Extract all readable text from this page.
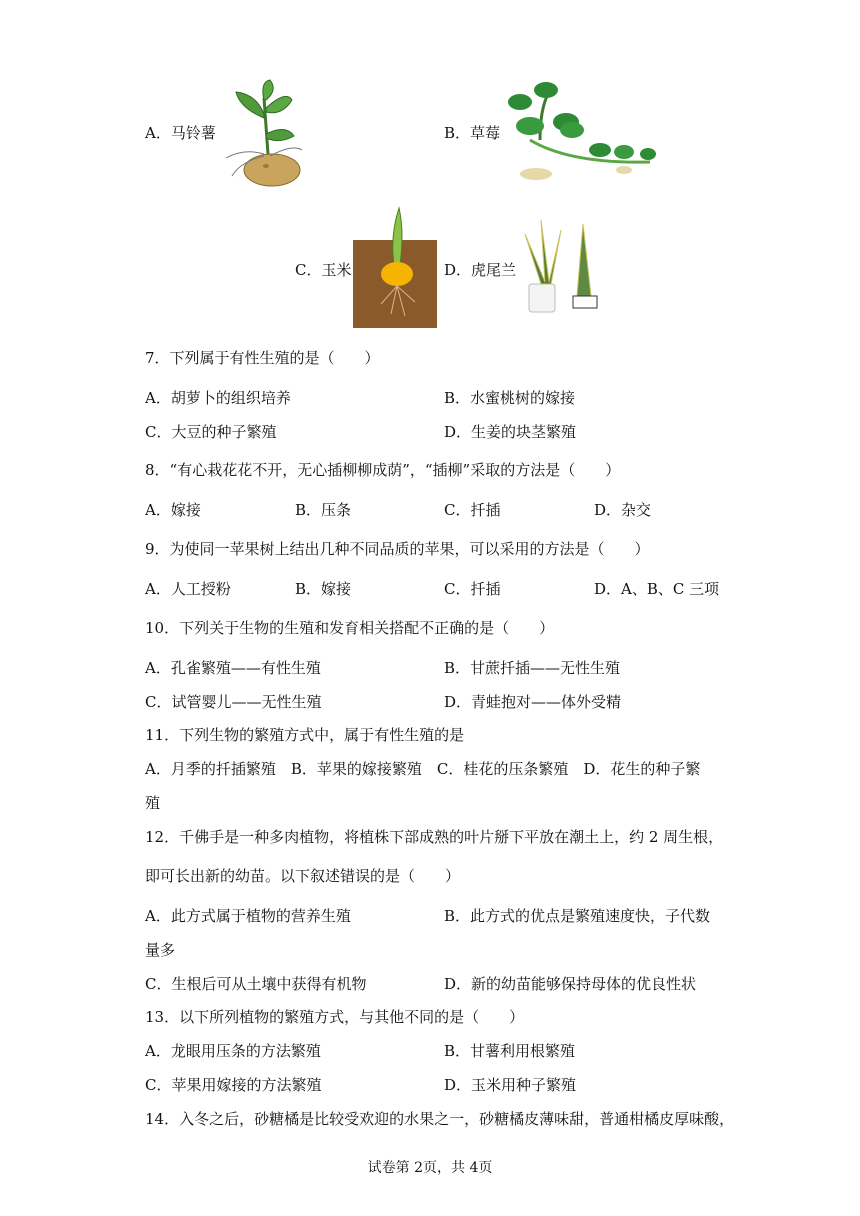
A．马铃薯	B．草莓
C．玉米	D．虎尾兰
7．下列属于有性生殖的是（　　）
A．胡萝卜的组织培养	B．水蜜桃树的嫁接
C．大豆的种子繁殖	D．生姜的块茎繁殖
8．“有心栽花花不开，无心插柳柳成荫”，“插柳”采取的方法是（　　）
A．嫁接	B．压条	C．扦插	D．杂交
9．为使同一苹果树上结出几种不同品质的苹果，可以采用的方法是（　　）
A．人工授粉	B．嫁接	C．扦插	D．A、B、C 三项
10．下列关于生物的生殖和发育相关搭配不正确的是（　　）
A．孔雀繁殖——有性生殖	B．甘蔗扦插——无性生殖
C．试管婴儿——无性生殖	D．青蛙抱对——体外受精
11．下列生物的繁殖方式中，属于有性生殖的是
A．月季的扦插繁殖　B．苹果的嫁接繁殖　C．桂花的压条繁殖　D．花生的种子繁
殖
12．千佛手是一种多肉植物，将植株下部成熟的叶片掰下平放在潮土上，约 2 周生根，
即可长出新的幼苗。以下叙述错误的是（　　）
A．此方式属于植物的营养生殖	B．此方式的优点是繁殖速度快，子代数
量多
C．生根后可从土壤中获得有机物	D．新的幼苗能够保持母体的优良性状
13．以下所列植物的繁殖方式，与其他不同的是（　　）
A．龙眼用压条的方法繁殖	B．甘薯利用根繁殖
C．苹果用嫁接的方法繁殖	D．玉米用种子繁殖
14．入冬之后，砂糖橘是比较受欢迎的水果之一，砂糖橘皮薄味甜，普通柑橘皮厚味酸，
试卷第 2页，共 4页
